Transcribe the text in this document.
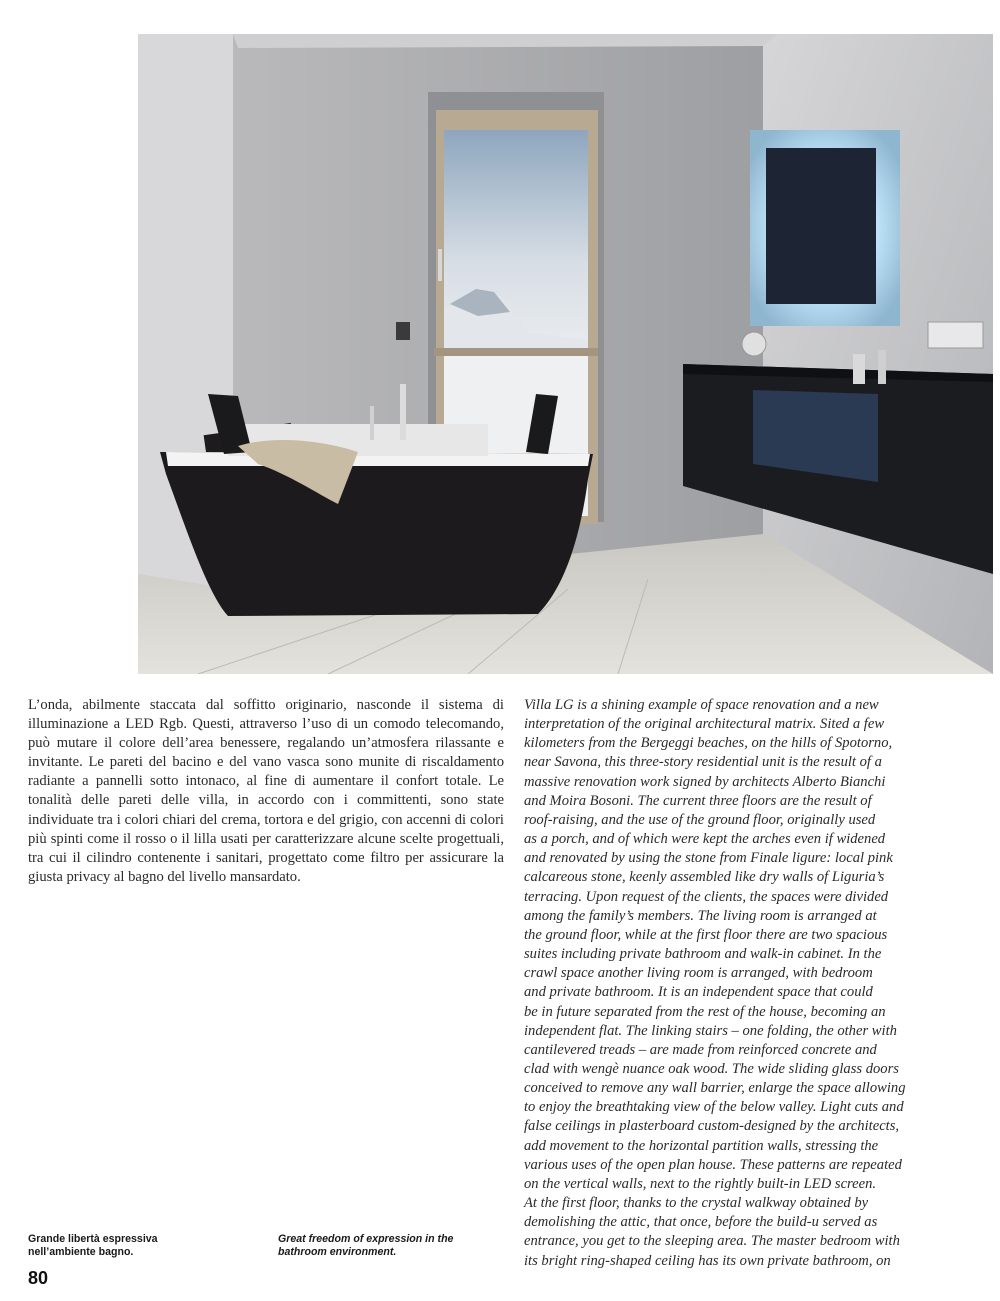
L’onda, abilmente staccata dal soffitto originario, nasconde il sistema di illuminazione a LED Rgb. Questi, attraverso l’uso di un comodo telecomando, può mutare il colore dell’area benessere, regalando un’atmosfera rilassante e invitante. Le pareti del bacino e del vano vasca sono munite di riscaldamento radiante a pannelli sotto intonaco, al fine di aumentare il confort totale. Le tonalità delle pareti delle villa, in accordo con i committenti, sono state individuate tra i colori chiari del crema, tortora e del grigio, con accenni di colori più spinti come il rosso o il lilla usati per caratterizzare alcune scelte progettuali, tra cui il cilindro contenente i sanitari, progettato come filtro per assicurare la giusta privacy al bagno del livello mansardato.

Villa LG is a shining example of space renovation and a new
interpretation of the original architectural matrix. Sited a few
kilometers from the Bergeggi beaches, on the hills of Spotorno,
near Savona, this three-story residential unit is the result of a
massive renovation work signed by architects Alberto Bianchi
and Moira Bosoni. The current three floors are the result of
roof-raising, and the use of the ground floor, originally used
as a porch, and of which were kept the arches even if widened
and renovated by using the stone from Finale ligure: local pink
calcareous stone, keenly assembled like dry walls of Liguria’s
terracing. Upon request of the clients, the spaces were divided
among the family’s members. The living room is arranged at
the ground floor, while at the first floor there are two spacious
suites including private bathroom and walk-in cabinet. In the
crawl space another living room is arranged, with bedroom
and private bathroom. It is an independent space that could
be in future separated from the rest of the house, becoming an
independent flat. The linking stairs – one folding, the other with
cantilevered treads – are made from reinforced concrete and
clad with wengè nuance oak wood. The wide sliding glass doors
conceived to remove any wall barrier, enlarge the space allowing
to enjoy the breathtaking view of the below valley. Light cuts and
false ceilings in plasterboard custom-designed by the architects,
add movement to the horizontal partition walls, stressing the
various uses of the open plan house. These patterns are repeated
on the vertical walls, next to the rightly built-in LED screen.
At the first floor, thanks to the crystal walkway obtained by
demolishing the attic, that once, before the build-u served as
entrance, you get to the sleeping area. The master bedroom with
its bright ring-shaped ceiling has its own private bathroom, on
Grande libertà espressiva
nell’ambiente bagno.
Great freedom of expression in the
bathroom environment.

80
